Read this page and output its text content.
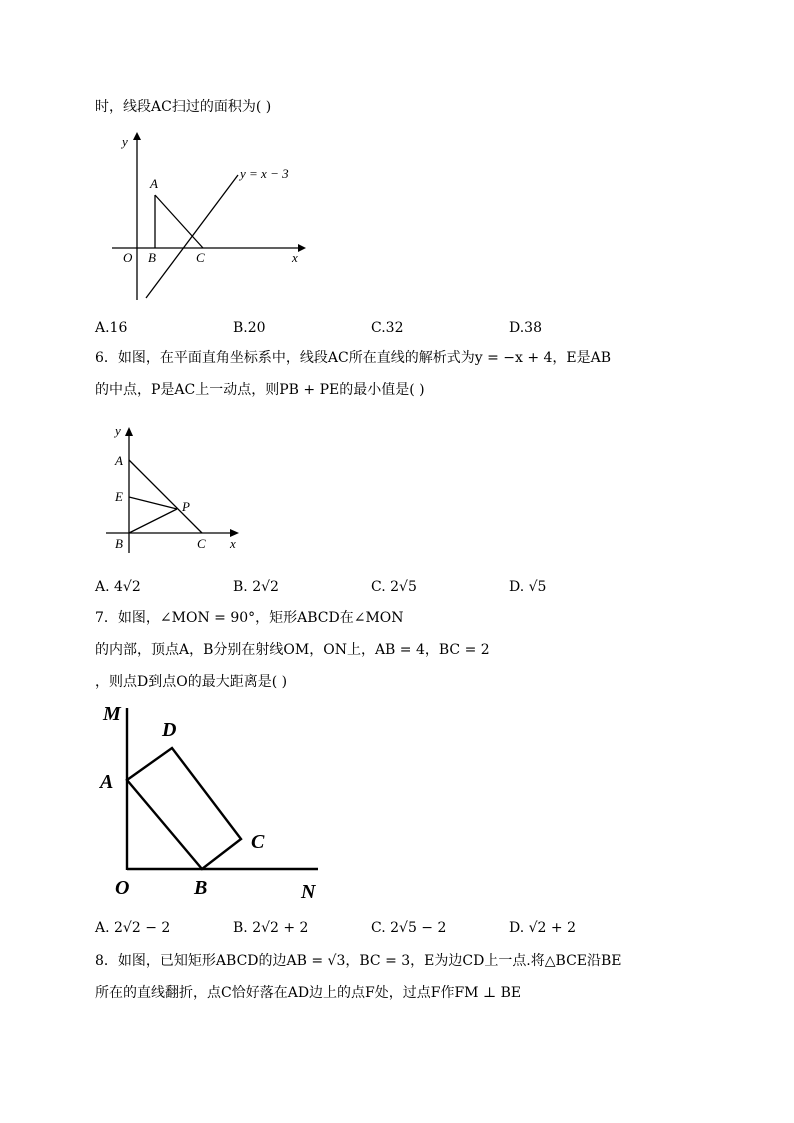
时，线段AC扫过的面积为( )
y
x
O
A
B	C
y = x − 3
A.16	B.20	C.32	D.38
6．如图，在平面直角坐标系中，线段AC所在直线的解析式为y = −x + 4，E是AB
的中点，P是AC上一动点，则PB + PE的最小值是( )
y
x
A
E
P
B	C
A. 4√2	B. 2√2	C. 2√5	D. √5
7．如图，∠MON = 90°，矩形ABCD在∠MON
的内部，顶点A，B分别在射线OM，ON上，AB = 4，BC = 2
，则点D到点O的最大距离是( )
M
D
A
C
O	B	N
A. 2√2 − 2	B. 2√2 + 2	C. 2√5 − 2	D. √2 + 2
8．如图，已知矩形ABCD的边AB = √3，BC = 3，E为边CD上一点.将△BCE沿BE
所在的直线翻折，点C恰好落在AD边上的点F处，过点F作FM ⊥ BE
